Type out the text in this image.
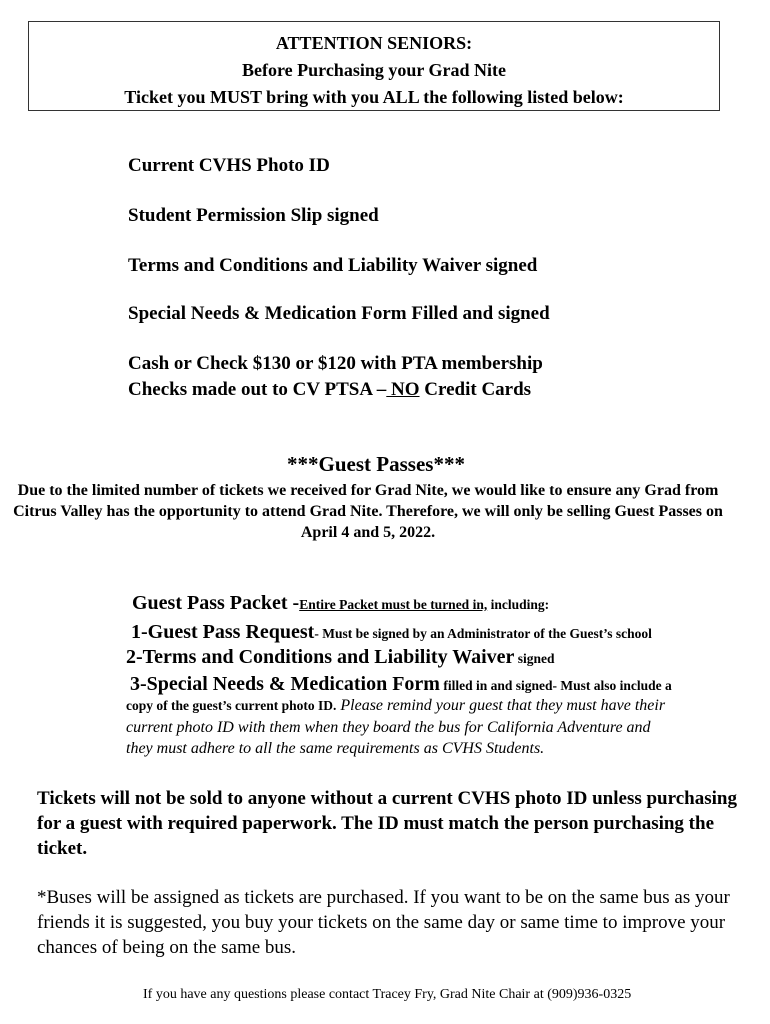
ATTENTION SENIORS:
Before Purchasing your Grad Nite
Ticket you MUST bring with you ALL the following listed below:
Current CVHS Photo ID
Student Permission Slip signed
Terms and Conditions and Liability Waiver signed
Special Needs & Medication Form Filled and signed
Cash or Check $130 or $120 with PTA membership
Checks made out to CV PTSA – NO Credit Cards
***Guest Passes***
Due to the limited number of tickets we received for Grad Nite, we would like to ensure any Grad from Citrus Valley has the opportunity to attend Grad Nite. Therefore, we will only be selling Guest Passes on April 4 and 5, 2022.
Guest Pass Packet -Entire Packet must be turned in, including:
1-Guest Pass Request- Must be signed by an Administrator of the Guest’s school
2-Terms and Conditions and Liability Waiver signed
3-Special Needs & Medication Form filled in and signed- Must also include a
copy of the guest’s current photo ID. Please remind your guest that they must have their
current photo ID with them when they board the bus for California Adventure and
they must adhere to all the same requirements as CVHS Students.
Tickets will not be sold to anyone without a current CVHS photo ID unless purchasing for a guest with required paperwork. The ID must match the person purchasing the ticket.
*Buses will be assigned as tickets are purchased. If you want to be on the same bus as your friends it is suggested, you buy your tickets on the same day or same time to improve your chances of being on the same bus.
If you have any questions please contact Tracey Fry, Grad Nite Chair at (909)936-0325
